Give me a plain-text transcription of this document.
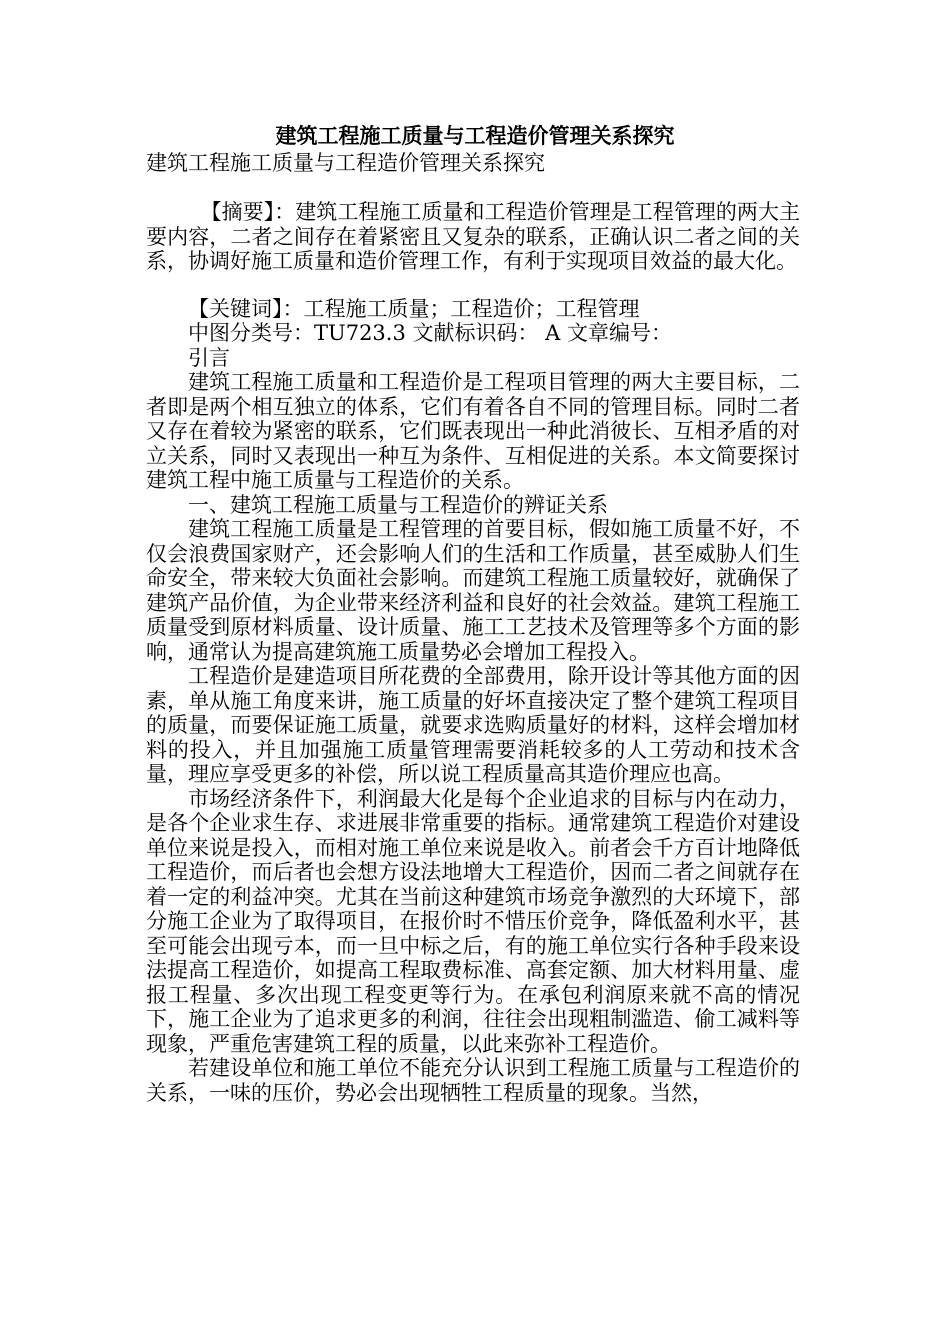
建筑工程施工质量与工程造价管理关系探究
建筑工程施工质量与工程造价管理关系探究

【摘要】：建筑工程施工质量和工程造价管理是工程管理的两大主要内容，二者之间存在着紧密且又复杂的联系，正确认识二者之间的关系，协调好施工质量和造价管理工作，有利于实现项目效益的最大化。

【关键词】：工程施工质量；工程造价；工程管理

中图分类号：TU723.3 文献标识码： A 文章编号：

引言

建筑工程施工质量和工程造价是工程项目管理的两大主要目标，二者即是两个相互独立的体系，它们有着各自不同的管理目标。同时二者又存在着较为紧密的联系，它们既表现出一种此消彼长、互相矛盾的对立关系，同时又表现出一种互为条件、互相促进的关系。本文简要探讨建筑工程中施工质量与工程造价的关系。

一、建筑工程施工质量与工程造价的辨证关系

建筑工程施工质量是工程管理的首要目标，假如施工质量不好，不仅会浪费国家财产，还会影响人们的生活和工作质量，甚至威胁人们生命安全，带来较大负面社会影响。而建筑工程施工质量较好，就确保了建筑产品价值，为企业带来经济利益和良好的社会效益。建筑工程施工质量受到原材料质量、设计质量、施工工艺技术及管理等多个方面的影响，通常认为提高建筑施工质量势必会增加工程投入。

工程造价是建造项目所花费的全部费用，除开设计等其他方面的因素，单从施工角度来讲，施工质量的好坏直接决定了整个建筑工程项目的质量，而要保证施工质量，就要求选购质量好的材料，这样会增加材料的投入，并且加强施工质量管理需要消耗较多的人工劳动和技术含量，理应享受更多的补偿，所以说工程质量高其造价理应也高。

市场经济条件下，利润最大化是每个企业追求的目标与内在动力，是各个企业求生存、求进展非常重要的指标。通常建筑工程造价对建设单位来说是投入，而相对施工单位来说是收入。前者会千方百计地降低工程造价，而后者也会想方设法地增大工程造价，因而二者之间就存在着一定的利益冲突。尤其在当前这种建筑市场竞争激烈的大环境下，部分施工企业为了取得项目，在报价时不惜压价竞争，降低盈利水平，甚至可能会出现亏本，而一旦中标之后，有的施工单位实行各种手段来设法提高工程造价，如提高工程取费标准、高套定额、加大材料用量、虚报工程量、多次出现工程变更等行为。在承包利润原来就不高的情况下，施工企业为了追求更多的利润，往往会出现粗制滥造、偷工减料等现象，严重危害建筑工程的质量，以此来弥补工程造价。

若建设单位和施工单位不能充分认识到工程施工质量与工程造价的关系，一味的压价，势必会出现牺牲工程质量的现象。当然，
